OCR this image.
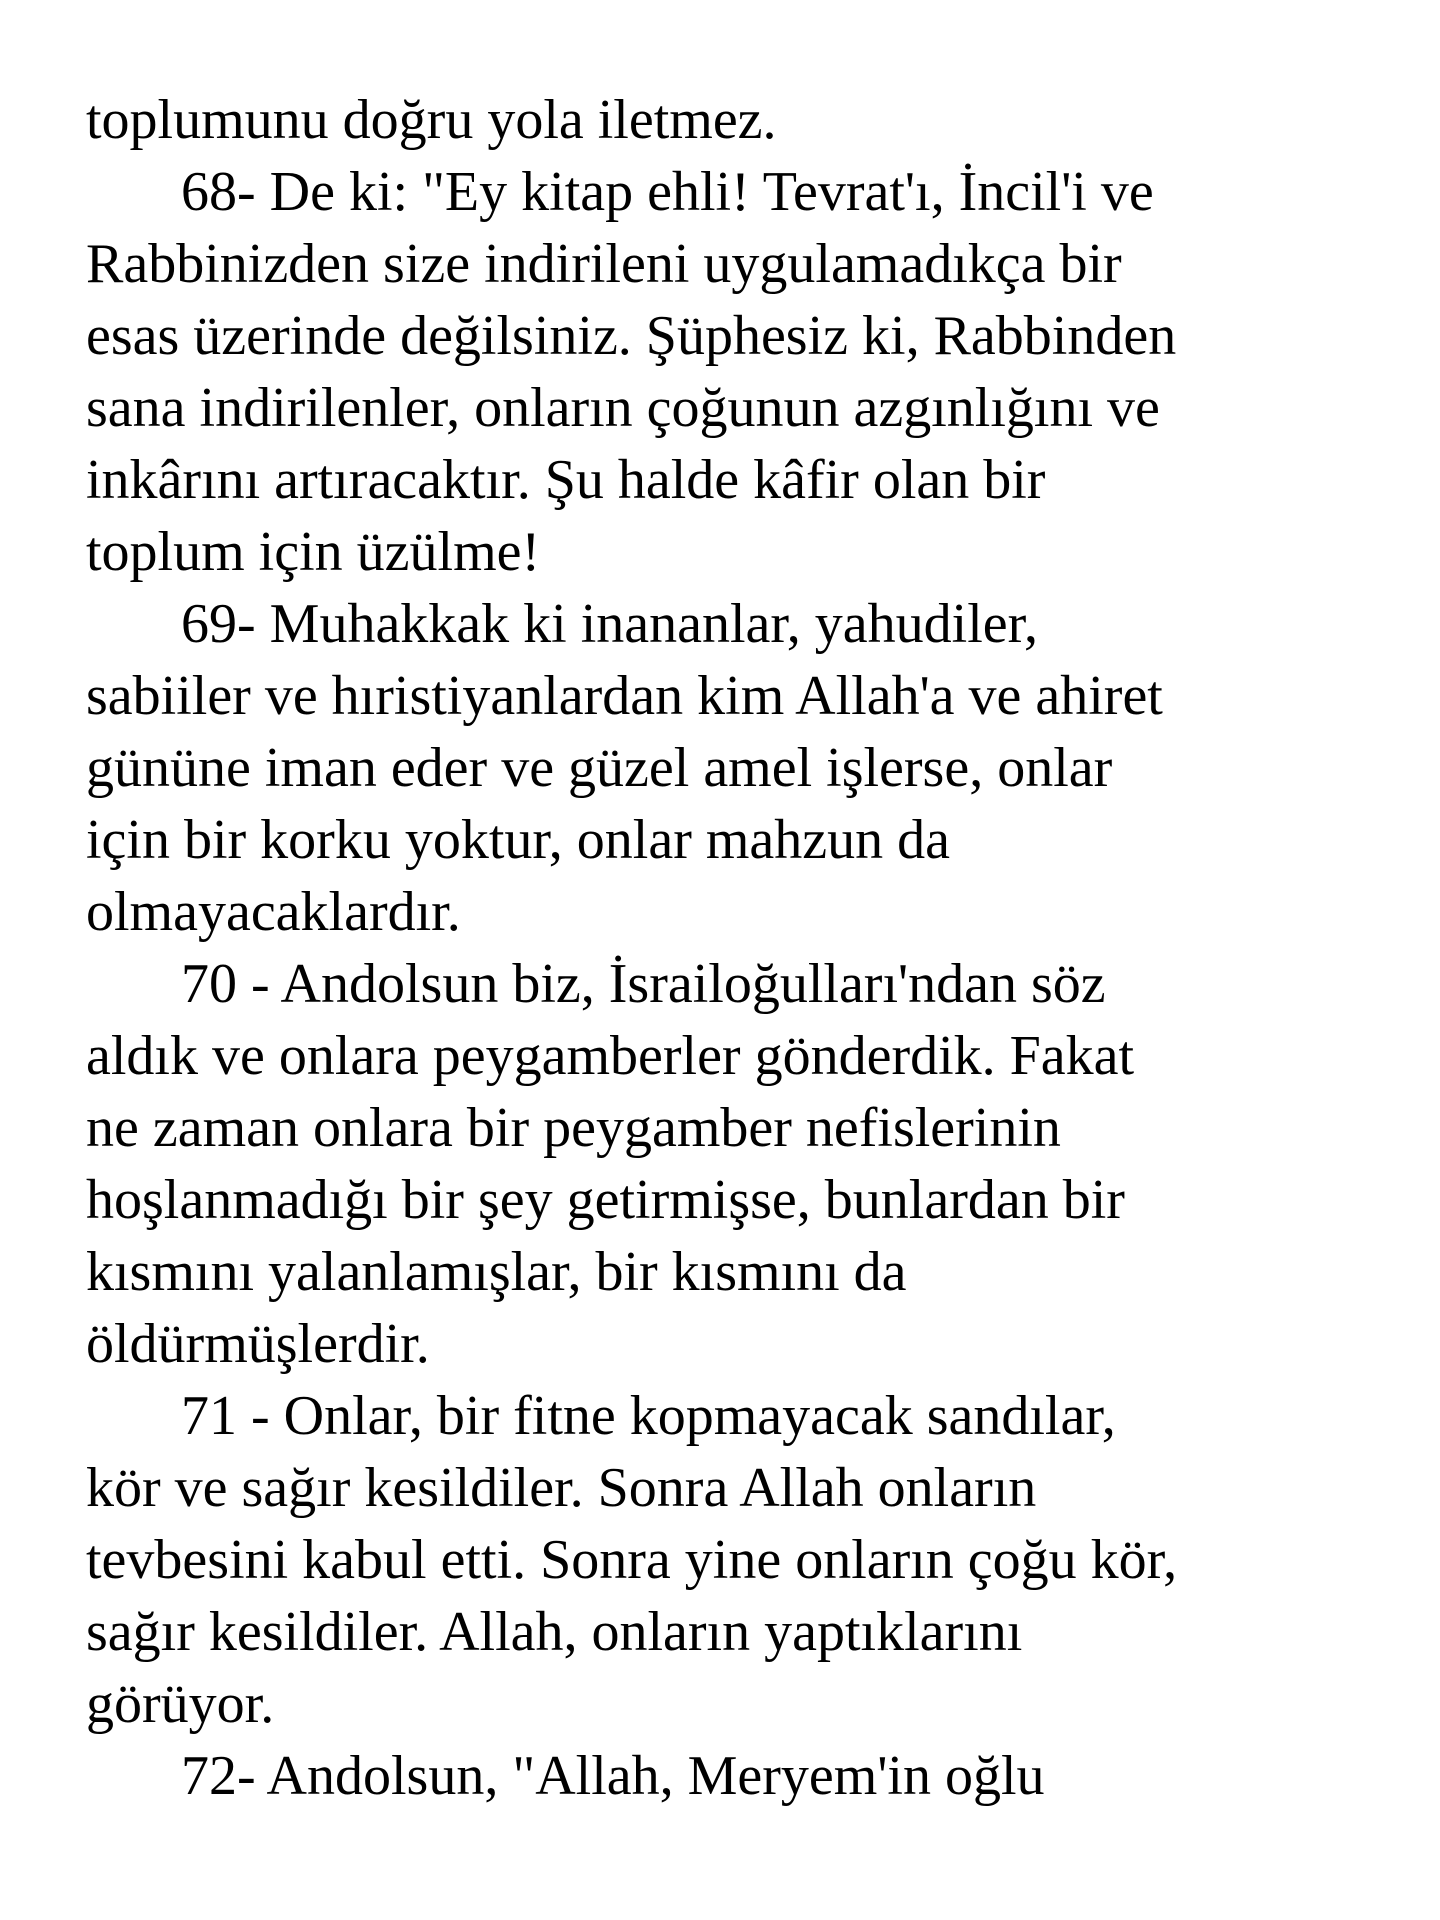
toplumunu doğru yola iletmez.
68- De ki: "Ey kitap ehli! Tevrat'ı, İncil'i ve
Rabbinizden size indirileni uygulamadıkça bir
esas üzerinde değilsiniz. Şüphesiz ki, Rabbinden
sana indirilenler, onların çoğunun azgınlığını ve
inkârını artıracaktır. Şu halde kâfir olan bir
toplum için üzülme!
69- Muhakkak ki inananlar, yahudiler,
sabiiler ve hıristiyanlardan kim Allah'a ve ahiret
gününe iman eder ve güzel amel işlerse, onlar
için bir korku yoktur, onlar mahzun da
olmayacaklardır.
70 - Andolsun biz, İsrailoğulları'ndan söz
aldık ve onlara peygamberler gönderdik. Fakat
ne zaman onlara bir peygamber nefislerinin
hoşlanmadığı bir şey getirmişse, bunlardan bir
kısmını yalanlamışlar, bir kısmını da
öldürmüşlerdir.
71 - Onlar, bir fitne kopmayacak sandılar,
kör ve sağır kesildiler. Sonra Allah onların
tevbesini kabul etti. Sonra yine onların çoğu kör,
sağır kesildiler. Allah, onların yaptıklarını
görüyor.
72- Andolsun, "Allah, Meryem'in oğlu
